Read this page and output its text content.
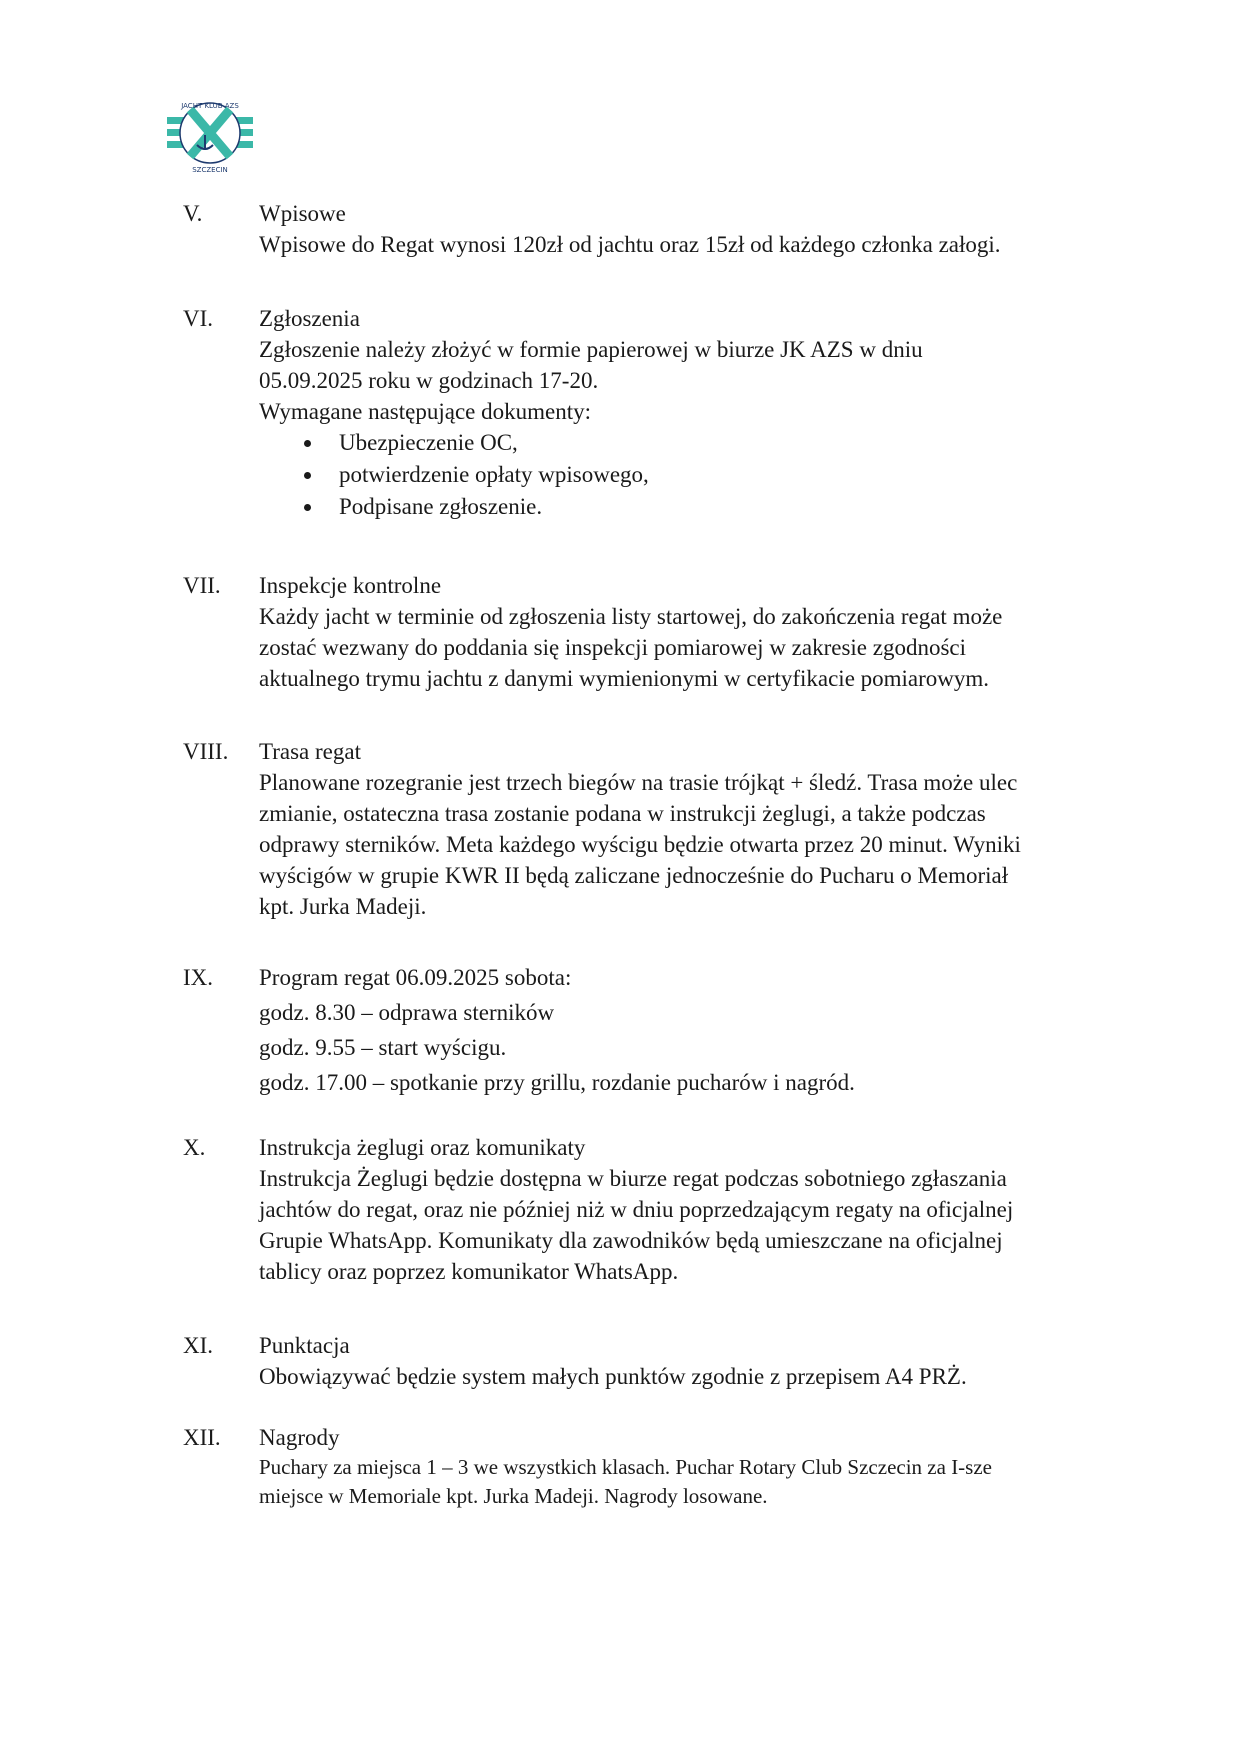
JACHT KLUB AZS
SZCZECIN
V.	Wpisowe
Wpisowe do Regat wynosi 120zł od jachtu oraz 15zł od każdego członka załogi.
VI.	Zgłoszenia
Zgłoszenie należy złożyć w formie papierowej w biurze JK AZS w dniu
05.09.2025 roku w godzinach 17-20.
Wymagane następujące dokumenty:
Ubezpieczenie OC,
potwierdzenie opłaty wpisowego,
Podpisane zgłoszenie.
VII.	Inspekcje kontrolne
Każdy jacht w terminie od zgłoszenia listy startowej, do zakończenia regat może
zostać wezwany do poddania się inspekcji pomiarowej w zakresie zgodności
aktualnego trymu jachtu z danymi wymienionymi w certyfikacie pomiarowym.
VIII.	Trasa regat
Planowane rozegranie jest trzech biegów na trasie trójkąt + śledź. Trasa może ulec
zmianie, ostateczna trasa zostanie podana w instrukcji żeglugi, a także podczas
odprawy sterników. Meta każdego wyścigu będzie otwarta przez 20 minut. Wyniki
wyścigów w grupie KWR II będą zaliczane jednocześnie do Pucharu o Memoriał
kpt. Jurka Madeji.
IX.	Program regat 06.09.2025 sobota:
godz. 8.30 – odprawa sterników
godz. 9.55 – start wyścigu.
godz. 17.00 – spotkanie przy grillu, rozdanie pucharów i nagród.
X.	Instrukcja żeglugi oraz komunikaty
Instrukcja Żeglugi będzie dostępna w biurze regat podczas sobotniego zgłaszania
jachtów do regat, oraz nie później niż w dniu poprzedzającym regaty na oficjalnej
Grupie WhatsApp. Komunikaty dla zawodników będą umieszczane na oficjalnej
tablicy oraz poprzez komunikator WhatsApp.
XI.	Punktacja
Obowiązywać będzie system małych punktów zgodnie z przepisem A4 PRŻ.
XII.	Nagrody
Puchary za miejsca 1 – 3 we wszystkich klasach. Puchar Rotary Club Szczecin za I-sze
miejsce w Memoriale kpt. Jurka Madeji. Nagrody losowane.
